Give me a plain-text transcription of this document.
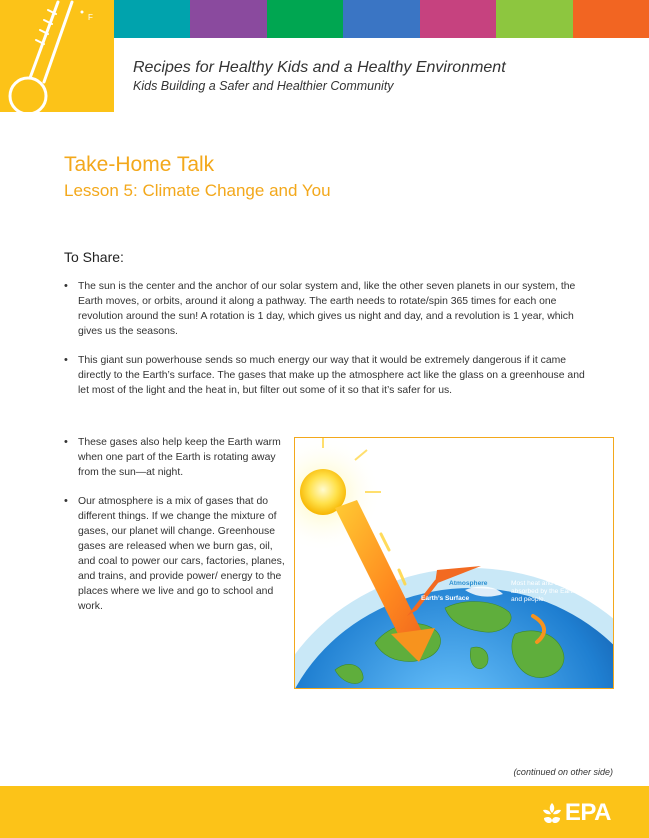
F
Recipes for Healthy Kids and a Healthy Environment
Kids Building a Safer and Healthier Community
Take-Home Talk
Lesson 5: Climate Change and You
To Share:
• The sun is the center and the anchor of our solar system and, like the other seven planets in our system, the Earth moves, or orbits, around it along a pathway. The earth needs to rotate/spin 365 times for each one revolution around the sun! A rotation is 1 day, which gives us night and day, and a revolution is 1 year, which gives us the seasons.
• This giant sun powerhouse sends so much energy our way that it would be extremely dangerous if it came directly to the Earth’s surface. The gases that make up the atmosphere act like the glass on a greenhouse and let most of the light and the heat in, but filter out some of it so that it’s safer for us.
• These gases also help keep the Earth warm when one part of the Earth is rotating away from the sun—at night.
• Our atmosphere is a mix of gases that do different things. If we change the mixture of gases, our planet will change. Greenhouse gases are released when we burn gas, oil, and coal to power our cars, factories, planes, and trains, and provide power/ energy to the places where we live and go to school and work.
Heat and light energy
Some heat is absorbed by the atmosphere
Atmosphere
Earth’s Surface
Most heat and energy are absorbed by the Earth, crops, and people.
(continued on other side)
EPA
